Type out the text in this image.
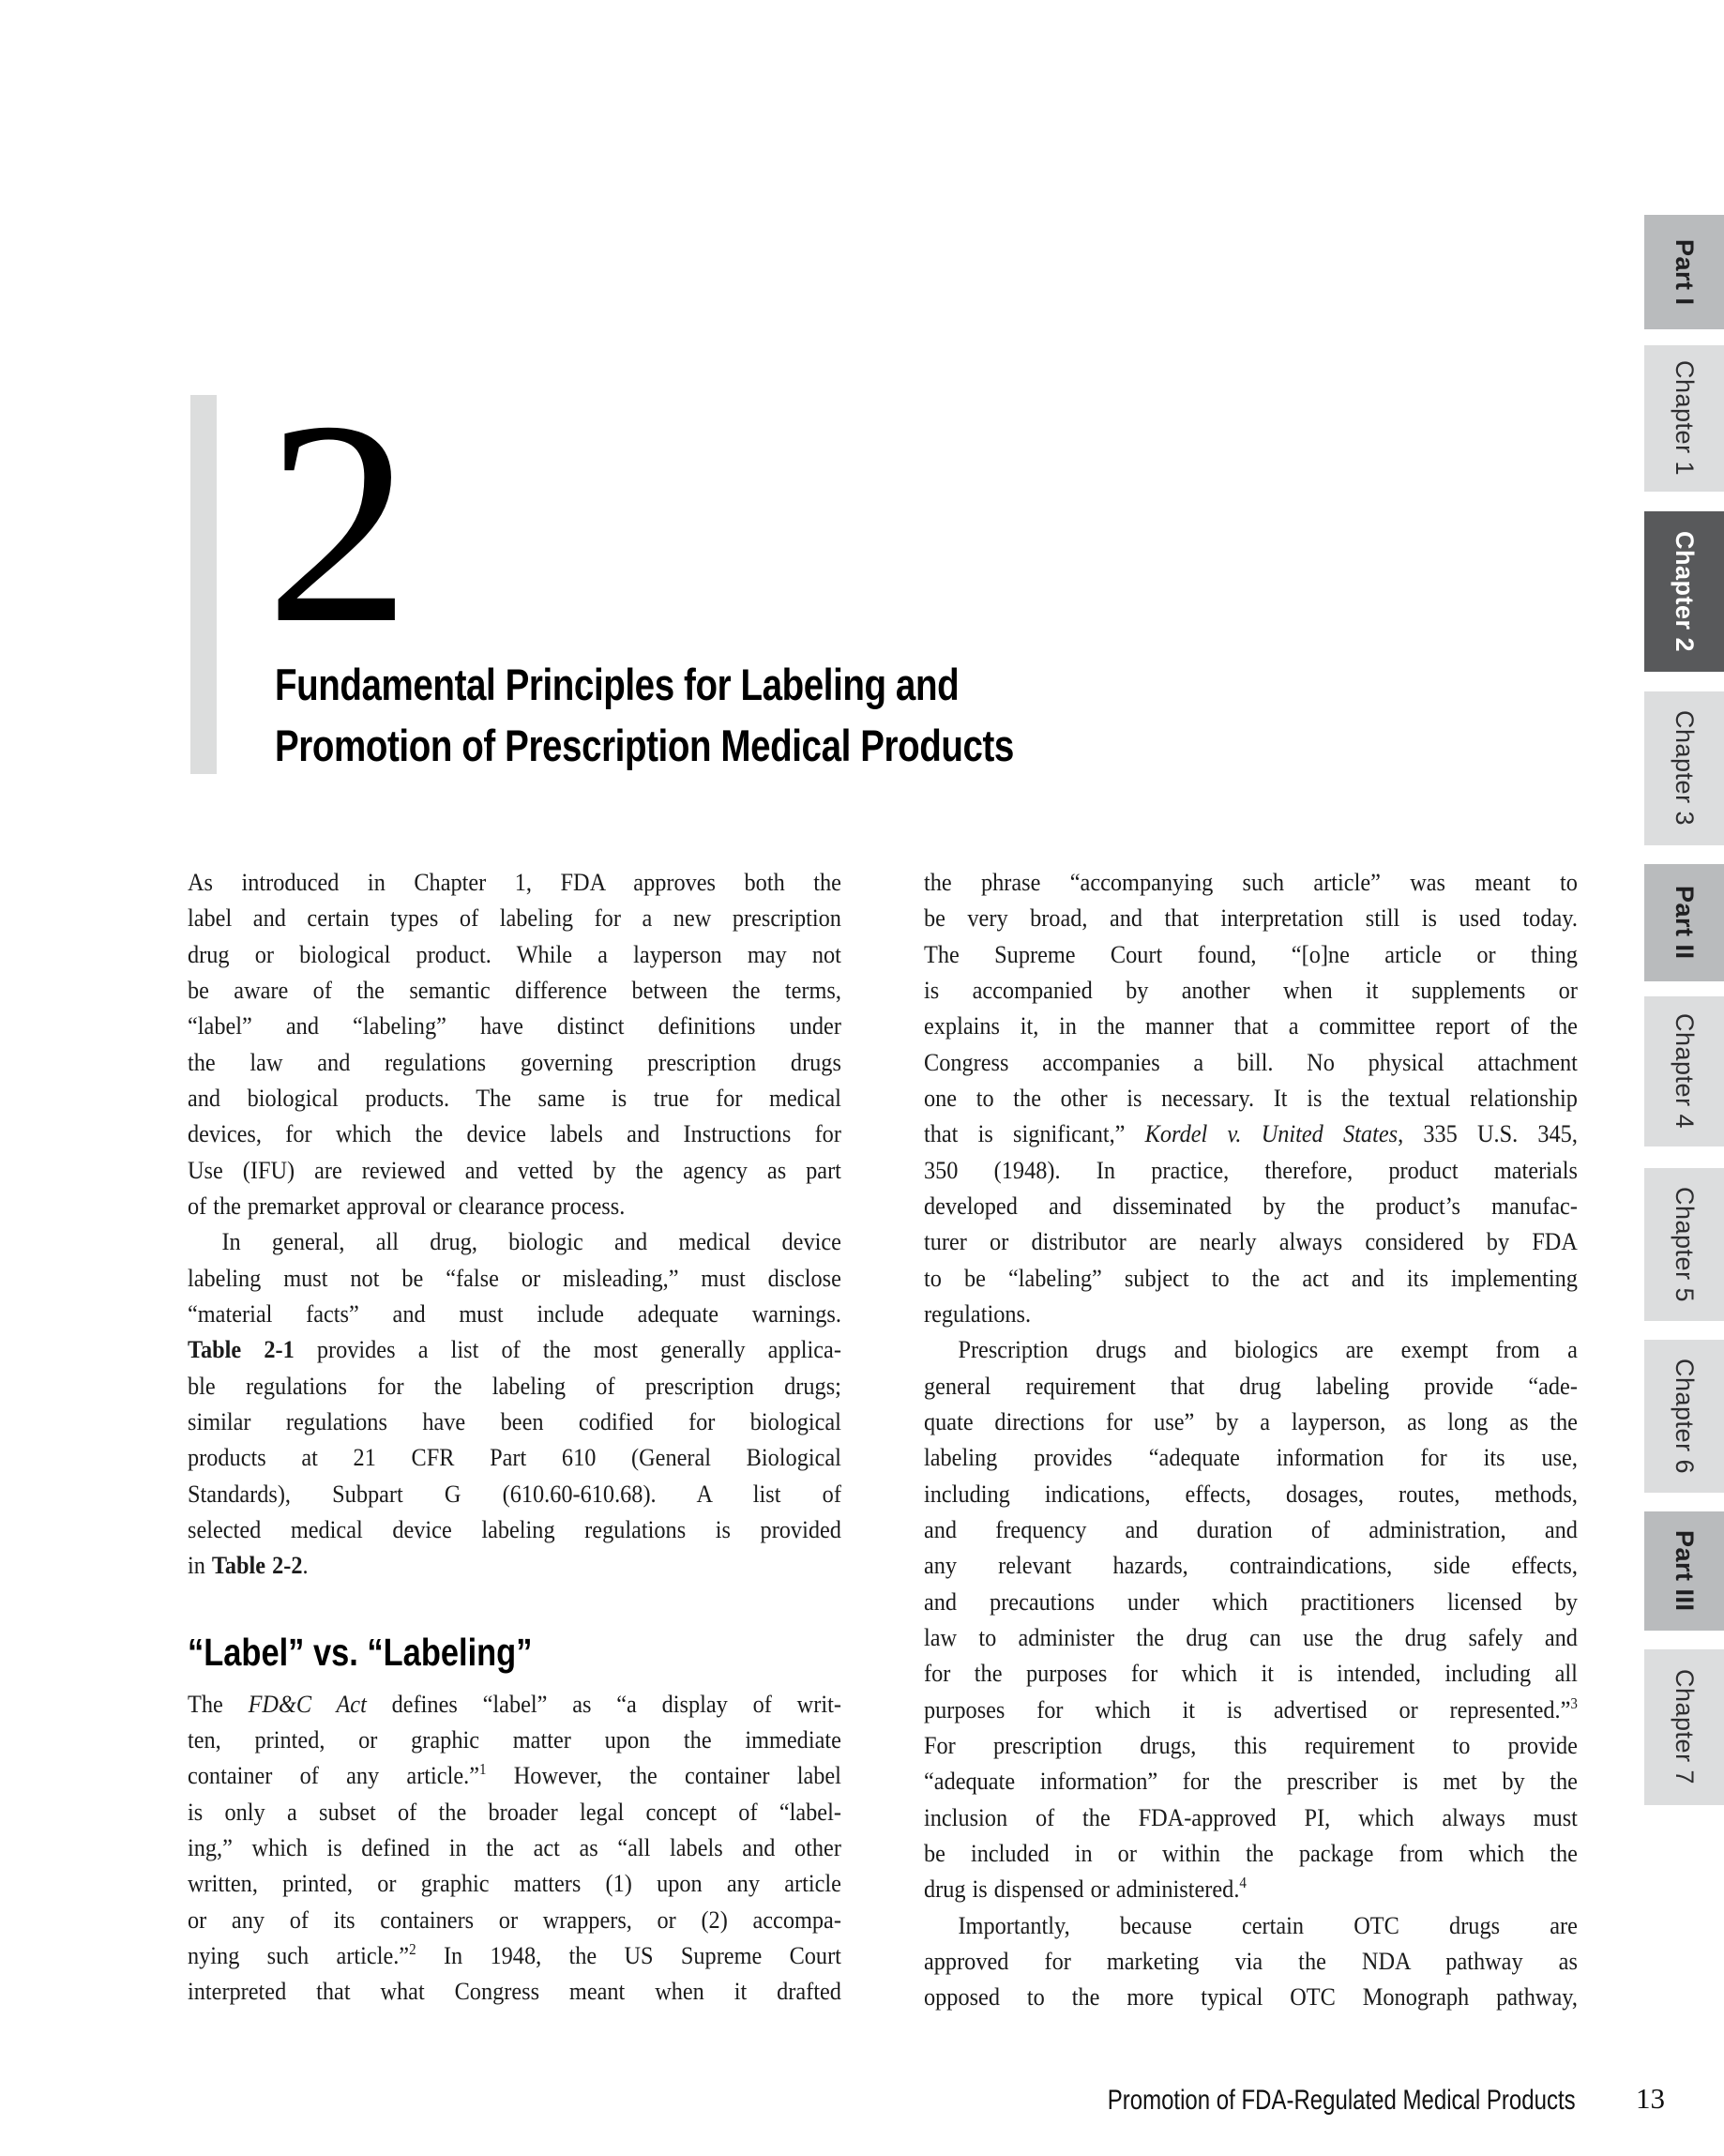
2
Fundamental Principles for Labeling and
Promotion of Prescription Medical Products
As introduced in Chapter 1, FDA approves both the
label and certain types of labeling for a new prescription
drug or biological product. While a layperson may not
be aware of the semantic difference between the terms,
“label” and “labeling” have distinct definitions under
the law and regulations governing prescription drugs
and biological products. The same is true for medical
devices, for which the device labels and Instructions for
Use (IFU) are reviewed and vetted by the agency as part
of the premarket approval or clearance process.
  In general, all drug, biologic and medical device
labeling must not be “false or misleading,” must disclose
“material facts” and must include adequate warnings.
Table 2-1 provides a list of the most generally applica-
ble regulations for the labeling of prescription drugs;
similar regulations have been codified for biological
products at 21 CFR Part 610 (General Biological
Standards), Subpart G (610.60-610.68). A list of
selected medical device labeling regulations is provided
in Table 2-2.
“Label” vs. “Labeling”
The FD&C Act defines “label” as “a display of writ-
ten, printed, or graphic matter upon the immediate
container of any article.”$^1$ However, the container label
is only a subset of the broader legal concept of “label-
ing,” which is defined in the act as “all labels and other
written, printed, or graphic matters (1) upon any article
or any of its containers or wrappers, or (2) accompa-
nying such article.”$^2$ In 1948, the US Supreme Court
interpreted that what Congress meant when it drafted
the phrase “accompanying such article” was meant to
be very broad, and that interpretation still is used today.
The Supreme Court found, “[o]ne article or thing
is accompanied by another when it supplements or
explains it, in the manner that a committee report of the
Congress accompanies a bill. No physical attachment
one to the other is necessary. It is the textual relationship
that is significant,” Kordel v. United States, 335 U.S. 345,
350 (1948). In practice, therefore, product materials
developed and disseminated by the product’s manufac-
turer or distributor are nearly always considered by FDA
to be “labeling” subject to the act and its implementing
regulations.
  Prescription drugs and biologics are exempt from a
general requirement that drug labeling provide “ade-
quate directions for use” by a layperson, as long as the
labeling provides “adequate information for its use,
including indications, effects, dosages, routes, methods,
and frequency and duration of administration, and
any relevant hazards, contraindications, side effects,
and precautions under which practitioners licensed by
law to administer the drug can use the drug safely and
for the purposes for which it is intended, including all
purposes for which it is advertised or represented.”$^3$
For prescription drugs, this requirement to provide
“adequate information” for the prescriber is met by the
inclusion of the FDA-approved PI, which always must
be included in or within the package from which the
drug is dispensed or administered.$^4$
  Importantly, because certain OTC drugs are
approved for marketing via the NDA pathway as
opposed to the more typical OTC Monograph pathway,
Part I
Chapter 1
Chapter 2
Chapter 3
Part II
Chapter 4
Chapter 5
Chapter 6
Part III
Chapter 7
Promotion of FDA-Regulated Medical Products 13
